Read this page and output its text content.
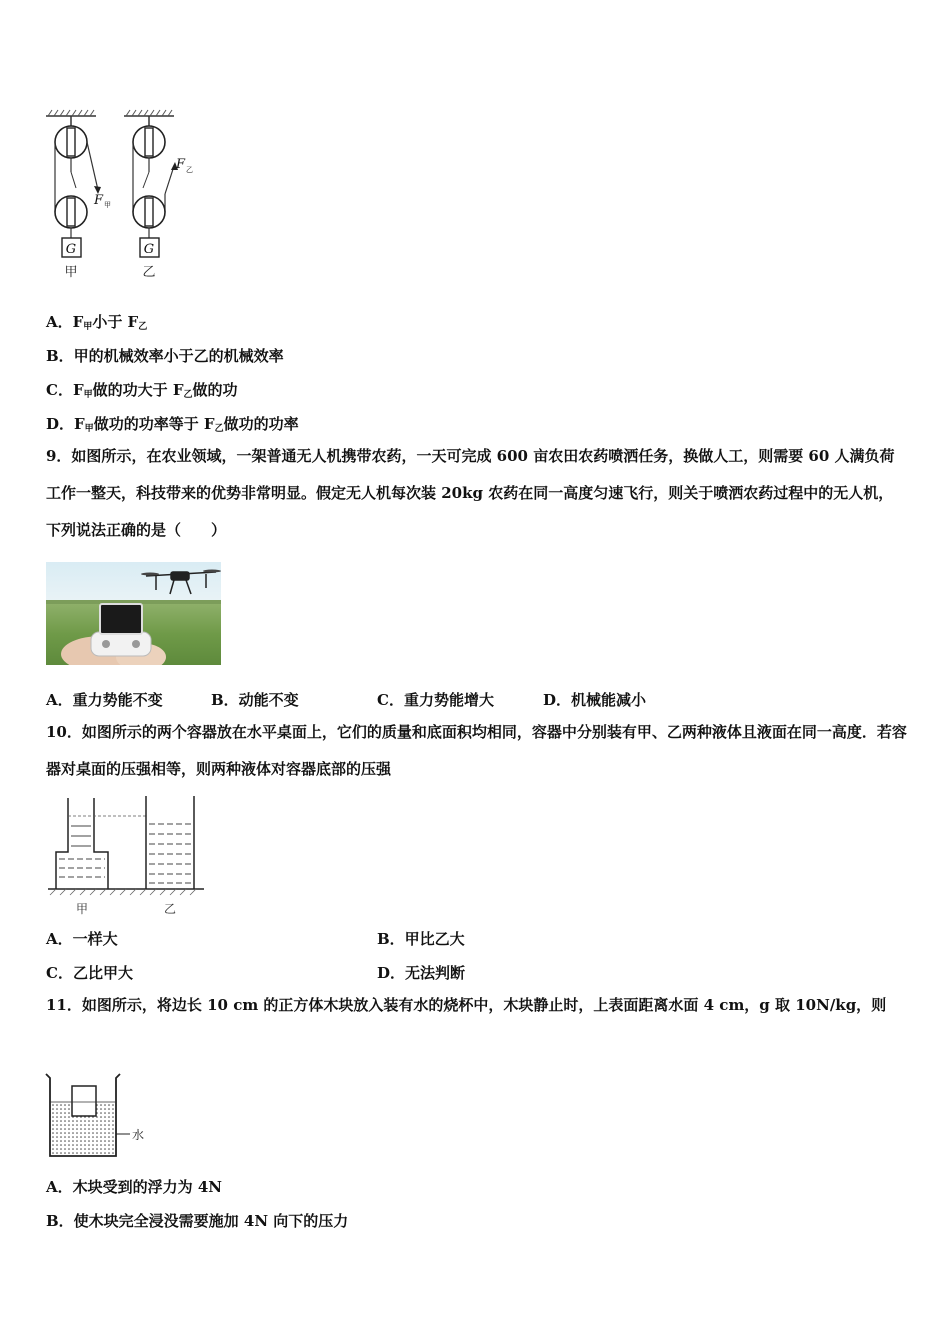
G
F 甲
甲
G
F 乙
乙
A．$F_甲$小于 $F_乙$
B．甲的机械效率小于乙的机械效率
C．$F_甲$做的功大于 $F_乙$做的功
D．$F_甲$做功的功率等于 $F_乙$做功的功率
9．如图所示，在农业领域，一架普通无人机携带农药，一天可完成 600 亩农田农药喷洒任务，换做人工，则需要 60 人满负荷工作一整天，科技带来的优势非常明显。假定无人机每次装 20kg 农药在同一高度匀速飞行，则关于喷洒农药过程中的无人机，下列说法正确的是（　　）
A．重力势能不变	B．动能不变	C．重力势能增大	D．机械能减小
10．如图所示的两个容器放在水平桌面上，它们的质量和底面积均相同，容器中分别装有甲、乙两种液体且液面在同一高度．若容器对桌面的压强相等，则两种液体对容器底部的压强
甲	乙
A．一样大	B．甲比乙大
C．乙比甲大	D．无法判断
11．如图所示，将边长 10 cm 的正方体木块放入装有水的烧杯中，木块静止时，上表面距离水面 4 cm，g 取 10N/kg，则
水
A．木块受到的浮力为 4N
B．使木块完全浸没需要施加 4N 向下的压力
